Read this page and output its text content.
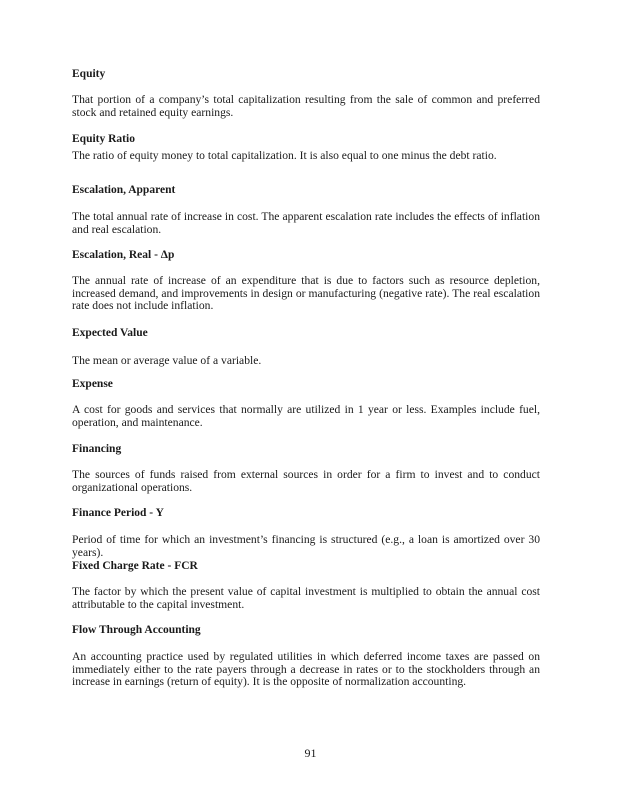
Equity

That portion of a company’s total capitalization resulting from the sale of common and preferred stock and retained equity earnings.

Equity Ratio

The ratio of equity money to total capitalization. It is also equal to one minus the debt ratio.

Escalation, Apparent

The total annual rate of increase in cost. The apparent escalation rate includes the effects of inflation and real escalation.

Escalation, Real - Δp

The annual rate of increase of an expenditure that is due to factors such as resource depletion, increased demand, and improvements in design or manufacturing (negative rate). The real escalation rate does not include inflation.

Expected Value

The mean or average value of a variable.

Expense

A cost for goods and services that normally are utilized in 1 year or less. Examples include fuel, operation, and maintenance.

Financing

The sources of funds raised from external sources in order for a firm to invest and to conduct organizational operations.

Finance Period - Y

Period of time for which an investment’s financing is structured (e.g., a loan is amortized over 30 years).

Fixed Charge Rate - FCR

The factor by which the present value of capital investment is multiplied to obtain the annual cost attributable to the capital investment.

Flow Through Accounting

An accounting practice used by regulated utilities in which deferred income taxes are passed on immediately either to the rate payers through a decrease in rates or to the stockholders through an increase in earnings (return of equity). It is the opposite of normalization accounting.

91
